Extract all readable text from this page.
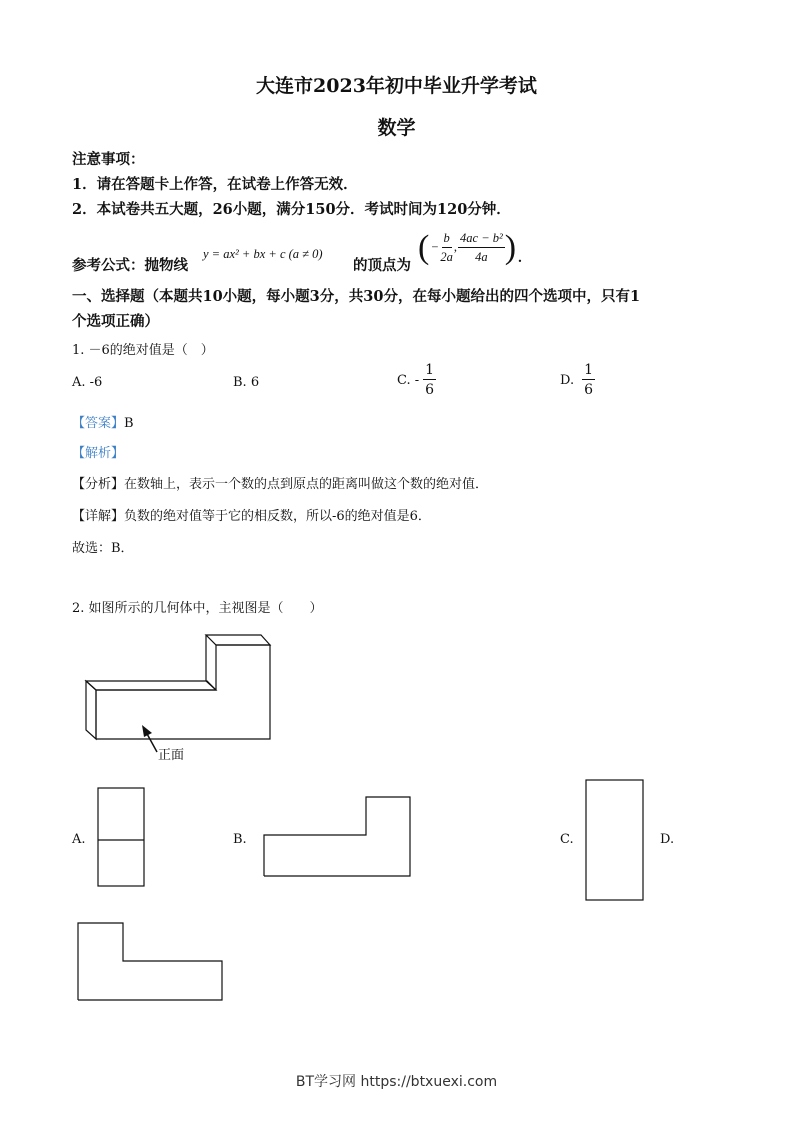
大连市2023年初中毕业升学考试
数学
注意事项：
1．请在答题卡上作答，在试卷上作答无效．
2．本试卷共五大题，26小题，满分150分．考试时间为120分钟．
参考公式：抛物线
y = ax² + bx + c (a ≠ 0)
的顶点为 ( − $\frac{b}{2a}$ , $\frac{\text{4ac − b²}}{4a}$ ) .
一、选择题（本题共10小题，每小题3分，共30分，在每小题给出的四个选项中，只有1
个选项正确）
1. －6的绝对值是（　）
A. -6	B. 6	C. - $\frac{1}{6}$	D. $\frac{1}{6}$
【答案】B
【解析】
【分析】在数轴上，表示一个数的点到原点的距离叫做这个数的绝对值．
【详解】负数的绝对值等于它的相反数，所以-6的绝对值是6．
故选：B．
2. 如图所示的几何体中，主视图是（　　）
正面
A.	B.	C.	D.
BT学习网 https://btxuexi.com
